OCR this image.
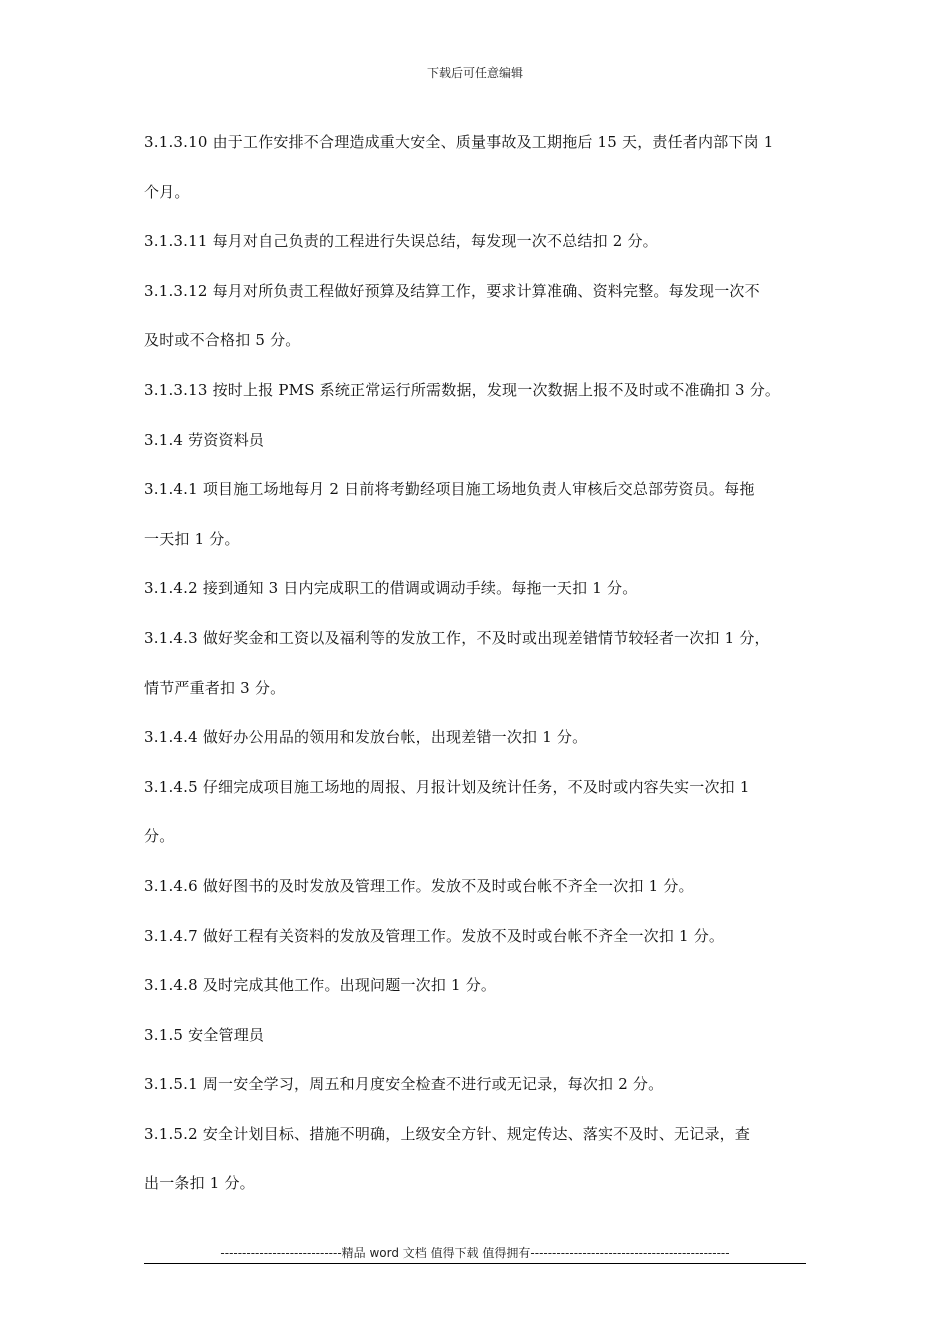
下载后可任意编辑
3.1.3.10 由于工作安排不合理造成重大安全、质量事故及工期拖后 15 天，责任者内部下岗 1
个月。
3.1.3.11 每月对自己负责的工程进行失误总结，每发现一次不总结扣 2 分。
3.1.3.12 每月对所负责工程做好预算及结算工作，要求计算准确、资料完整。每发现一次不
及时或不合格扣 5 分。
3.1.3.13 按时上报 PMS 系统正常运行所需数据，发现一次数据上报不及时或不准确扣 3 分。
3.1.4 劳资资料员
3.1.4.1 项目施工场地每月 2 日前将考勤经项目施工场地负责人审核后交总部劳资员。每拖
一天扣 1 分。
3.1.4.2 接到通知 3 日内完成职工的借调或调动手续。每拖一天扣 1 分。
3.1.4.3 做好奖金和工资以及福利等的发放工作，不及时或出现差错情节较轻者一次扣 1 分，
情节严重者扣 3 分。
3.1.4.4 做好办公用品的领用和发放台帐，出现差错一次扣 1 分。
3.1.4.5 仔细完成项目施工场地的周报、月报计划及统计任务，不及时或内容失实一次扣 1
分。
3.1.4.6 做好图书的及时发放及管理工作。发放不及时或台帐不齐全一次扣 1 分。
3.1.4.7 做好工程有关资料的发放及管理工作。发放不及时或台帐不齐全一次扣 1 分。
3.1.4.8 及时完成其他工作。出现问题一次扣 1 分。
3.1.5 安全管理员
3.1.5.1 周一安全学习，周五和月度安全检查不进行或无记录，每次扣 2 分。
3.1.5.2 安全计划目标、措施不明确，上级安全方针、规定传达、落实不及时、无记录，查
出一条扣 1 分。
----------------------------精品 word 文档 值得下载 值得拥有----------------------------------------------
